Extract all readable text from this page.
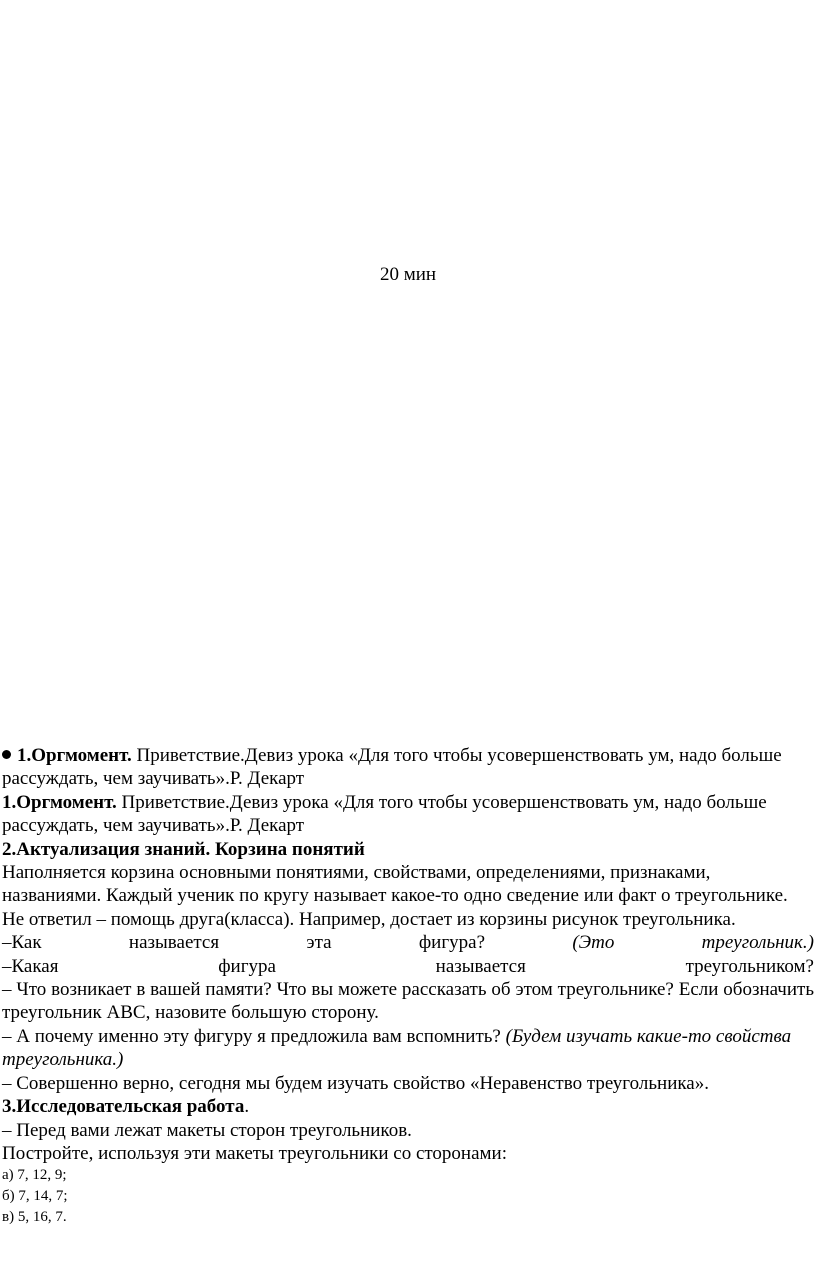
20 мин

1.Оргмомент. Приветствие.Девиз урока «Для того чтобы усовершенствовать ум, надо больше рассуждать, чем заучивать».Р. Декарт

1.Оргмомент. Приветствие.Девиз урока «Для того чтобы усовершенствовать ум, надо больше рассуждать, чем заучивать».Р. Декарт

2.Актуализация знаний. Корзина понятий

Наполняется корзина основными понятиями, свойствами, определениями, признаками, названиями. Каждый ученик по кругу называет какое-то одно сведение или факт о треугольнике. Не ответил – помощь друга(класса). Например, достает из корзины рисунок треугольника.

–Как называется эта фигура? (Это треугольник.)

–Какая фигура называется треугольником?

– Что возникает в вашей памяти? Что вы можете рассказать об этом треугольнике? Если обозначить треугольник АВС, назовите большую сторону.

– А почему именно эту фигуру я предложила вам вспомнить? (Будем изучать какие-то свойства треугольника.)

– Совершенно верно, сегодня мы будем изучать свойство «Неравенство треугольника».

3.Исследовательская работа.

– Перед вами лежат макеты сторон треугольников.

Постройте, используя эти макеты треугольники со сторонами:

а) 7, 12, 9;

б) 7, 14, 7;

в) 5, 16, 7.
